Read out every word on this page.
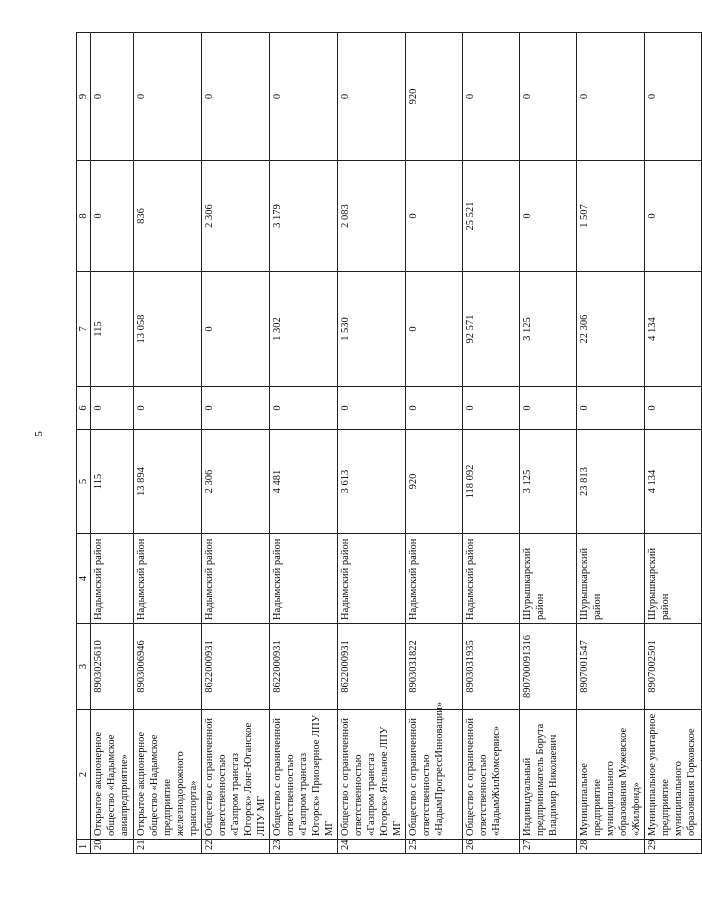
5
1	2	3	4	5	6	7	8	9
20	Открытое акционерное общество «Надымское авиапредприятие»	8903025610	Надымский район	115	0	115	0	0
21	Открытое акционерное общество «Надымское предприятие железнодорожного транспорта»	8903006946	Надымский район	13 894	0	13 058	836	0
22	Общество с ограниченной ответственностью «Газпром трансгаз Югорск» Лонг-Юганское ЛПУ МГ	8622000931	Надымский район	2 306	0	0	2 306	0
23	Общество с ограниченной ответственностью «Газпром трансгаз Югорск» Приозерное ЛПУ МГ	8622000931	Надымский район	4 481	0	1 302	3 179	0
24	Общество с ограниченной ответственностью «Газпром трансгаз Югорск» Ягельное ЛПУ МГ	8622000931	Надымский район	3 613	0	1 530	2 083	0
25	Общество с ограниченной ответственностью «НадымПрогрессИнновации»	8903031822	Надымский район	920	0	0	0	920
26	Общество с ограниченной ответственностью «НадымЖилКомсервис»	8903031935	Надымский район	118 092	0	92 571	25 521	0
27	Индивидуальный предприниматель Борута Владимир Николаевич	890700091316	Шурышкарский район	3 125	0	3 125	0	0
28	Муниципальное предприятие муниципального образования Мужевское «Жилфонд»	8907001547	Шурышкарский район	23 813	0	22 306	1 507	0
29	Муниципальное унитарное предприятие муниципального образования Горковское	8907002501	Шурышкарский район	4 134	0	4 134	0	0
